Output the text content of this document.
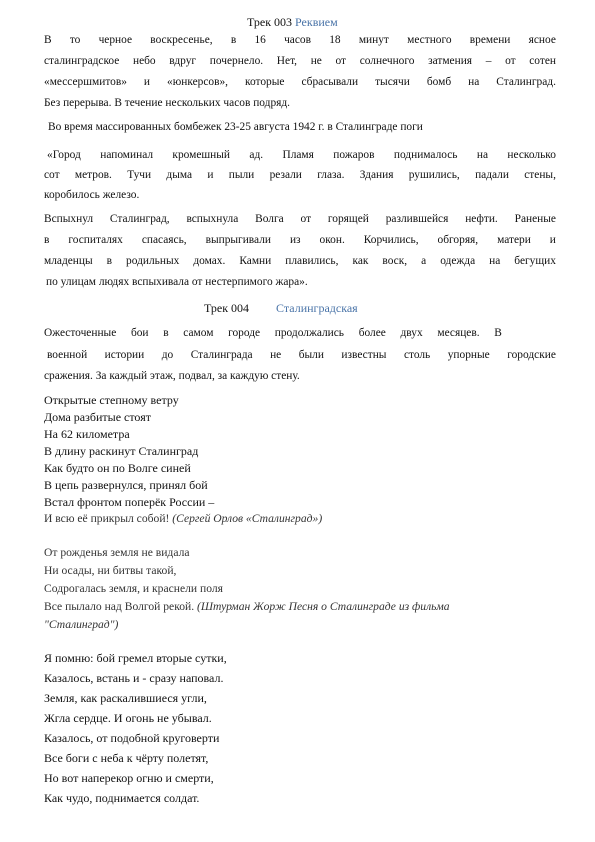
Трек 003 Реквием
В то черное воскресенье, в 16 часов 18 минут местного времени ясное
сталинградское небо вдруг почернело. Нет, не от солнечного затмения – от сотен
«мессершмитов» и «юнкерсов», которые сбрасывали тысячи бомб на Сталинград.
Без перерыва. В течение нескольких часов подряд.
Во время массированных бомбежек 23-25 августа 1942 г. в Сталинграде поги
«Город напоминал кромешный ад. Пламя пожаров поднималось на несколько
сот метров. Тучи дыма и пыли резали глаза. Здания рушились, падали стены,
коробилось железо.
Вспыхнул Сталинград, вспыхнула Волга от горящей разлившейся нефти. Раненые
в госпиталях спасаясь, выпрыгивали из окон. Корчились, обгоряя, матери и
младенцы в родильных домах. Камни плавились, как воск, а одежда на бегущих
по улицам людях вспыхивала от нестерпимого жара».
Трек 004 Сталинградская
Ожесточенные бои в самом городе продолжались более двух месяцев. В
военной истории до Сталинграда не были известны столь упорные городские
сражения. За каждый этаж, подвал, за каждую стену.
Открытые степному ветру
Дома разбитые стоят
На 62 километра
В длину раскинут Сталинград
Как будто он по Волге синей
В цепь развернулся, принял бой
Встал фронтом поперёк России –
И всю её прикрыл собой! (Сергей Орлов «Сталинград»)
От рожденья земля не видала
Ни осады, ни битвы такой,
Содрогалась земля, и краснели поля
Все пылало над Волгой рекой. (Штурман Жорж Песня о Сталинграде из фильма
"Сталинград")
Я помню: бой гремел вторые сутки,
Казалось, встань и - сразу наповал.
Земля, как раскалившиеся угли,
Жгла сердце. И огонь не убывал.
Казалось, от подобной круговерти
Все боги с неба к чёрту полетят,
Но вот наперекор огню и смерти,
Как чудо, поднимается солдат.
